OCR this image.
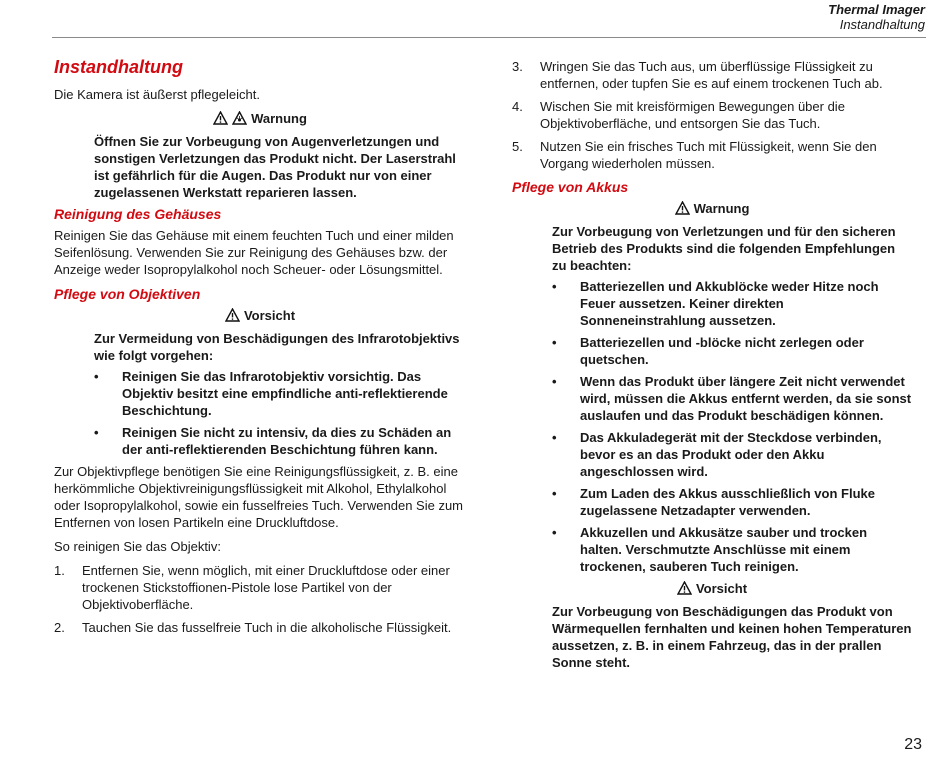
Thermal Imager
Instandhaltung
Instandhaltung

Die Kamera ist äußerst pflegeleicht.

Warnung

Öffnen Sie zur Vorbeugung von Augenverletzungen und sonstigen Verletzungen das Produkt nicht. Der Laserstrahl ist gefährlich für die Augen. Das Produkt nur von einer zugelassenen Werkstatt reparieren lassen.

Reinigung des Gehäuses

Reinigen Sie das Gehäuse mit einem feuchten Tuch und einer milden Seifenlösung. Verwenden Sie zur Reinigung des Gehäuses bzw. der Anzeige weder Isopropylalkohol noch Scheuer- oder Lösungsmittel.

Pflege von Objektiven
Vorsicht

Zur Vermeidung von Beschädigungen des Infrarotobjektivs wie folgt vorgehen:

• Reinigen Sie das Infrarotobjektiv vorsichtig. Das Objektiv besitzt eine empfindliche anti-reflektierende Beschichtung.
• Reinigen Sie nicht zu intensiv, da dies zu Schäden an der anti-reflektierenden Beschichtung führen kann.

Zur Objektivpflege benötigen Sie eine Reinigungsflüssigkeit, z. B. eine herkömmliche Objektivreinigungsflüssigkeit mit Alkohol, Ethylalkohol oder Isopropylalkohol, sowie ein fusselfreies Tuch. Verwenden Sie zum Entfernen von losen Partikeln eine Druckluftdose.

So reinigen Sie das Objektiv:

1. Entfernen Sie, wenn möglich, mit einer Druckluftdose oder einer trockenen Stickstoffionen-Pistole lose Partikel von der Objektivoberfläche.
2. Tauchen Sie das fusselfreie Tuch in die alkoholische Flüssigkeit.
3. Wringen Sie das Tuch aus, um überflüssige Flüssigkeit zu entfernen, oder tupfen Sie es auf einem trockenen Tuch ab.
4. Wischen Sie mit kreisförmigen Bewegungen über die Objektivoberfläche, und entsorgen Sie das Tuch.
5. Nutzen Sie ein frisches Tuch mit Flüssigkeit, wenn Sie den Vorgang wiederholen müssen.
Pflege von Akkus
Warnung

Zur Vorbeugung von Verletzungen und für den sicheren Betrieb des Produkts sind die folgenden Empfehlungen zu beachten:

• Batteriezellen und Akkublöcke weder Hitze noch Feuer aussetzen. Keiner direkten Sonneneinstrahlung aussetzen.
• Batteriezellen und -blöcke nicht zerlegen oder quetschen.
• Wenn das Produkt über längere Zeit nicht verwendet wird, müssen die Akkus entfernt werden, da sie sonst auslaufen und das Produkt beschädigen können.
• Das Akkuladegerät mit der Steckdose verbinden, bevor es an das Produkt oder den Akku angeschlossen wird.
• Zum Laden des Akkus ausschließlich von Fluke zugelassene Netzadapter verwenden.
• Akkuzellen und Akkusätze sauber und trocken halten. Verschmutzte Anschlüsse mit einem trockenen, sauberen Tuch reinigen.
Vorsicht

Zur Vorbeugung von Beschädigungen das Produkt von Wärmequellen fernhalten und keinen hohen Temperaturen aussetzen, z. B. in einem Fahrzeug, das in der prallen Sonne steht.

23
